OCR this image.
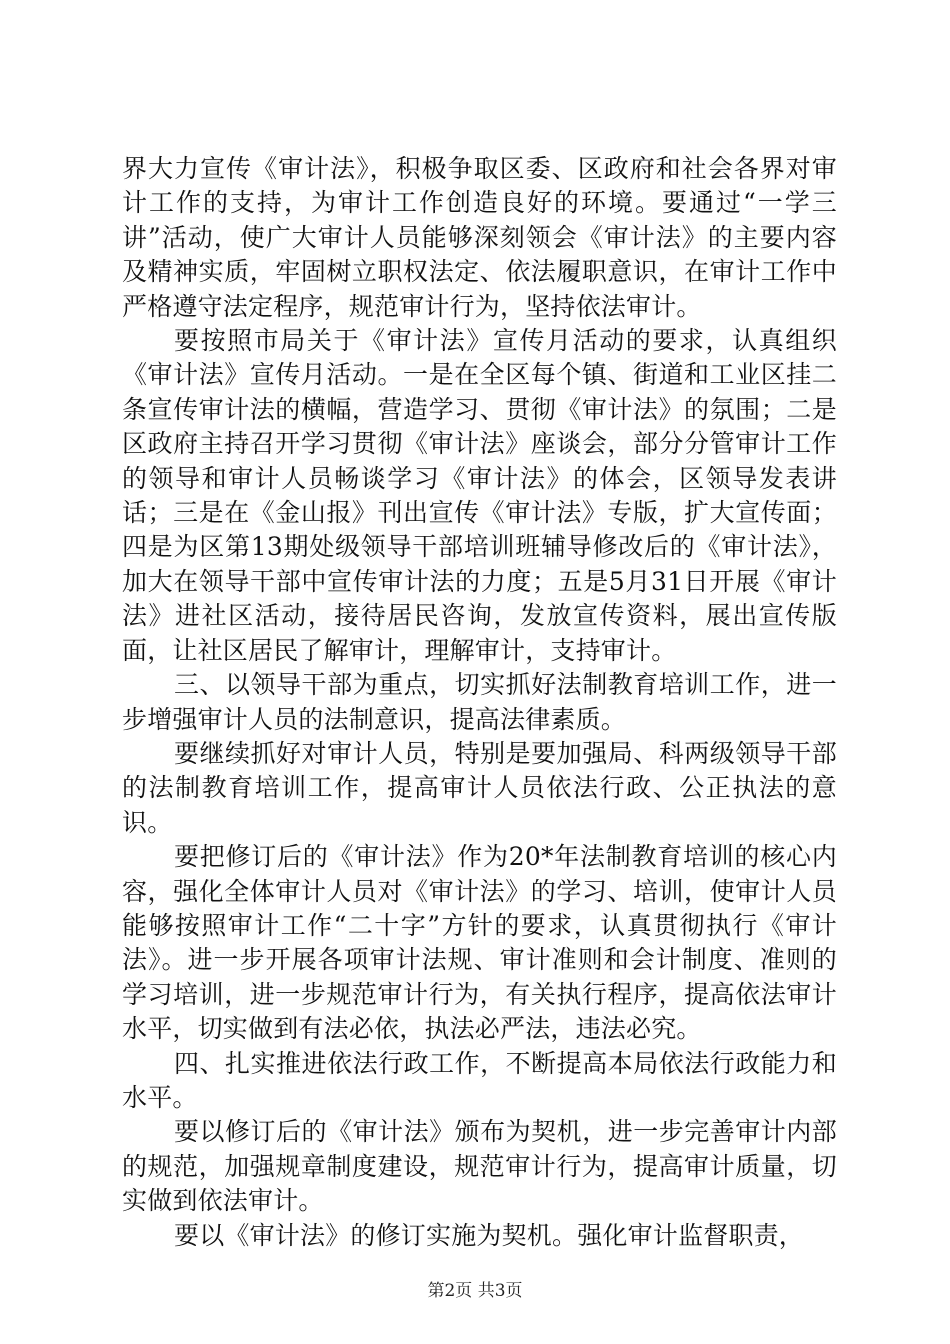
界大力宣传《审计法》，积极争取区委、区政府和社会各界对审计工作的支持，为审计工作创造良好的环境。要通过“一学三讲”活动，使广大审计人员能够深刻领会《审计法》的主要内容及精神实质，牢固树立职权法定、依法履职意识，在审计工作中严格遵守法定程序，规范审计行为，坚持依法审计。

要按照市局关于《审计法》宣传月活动的要求，认真组织《审计法》宣传月活动。一是在全区每个镇、街道和工业区挂二条宣传审计法的横幅，营造学习、贯彻《审计法》的氛围；二是区政府主持召开学习贯彻《审计法》座谈会，部分分管审计工作的领导和审计人员畅谈学习《审计法》的体会，区领导发表讲话；三是在《金山报》刊出宣传《审计法》专版，扩大宣传面；四是为区第13期处级领导干部培训班辅导修改后的《审计法》，加大在领导干部中宣传审计法的力度；五是5月31日开展《审计法》进社区活动，接待居民咨询，发放宣传资料，展出宣传版面，让社区居民了解审计，理解审计，支持审计。

三、以领导干部为重点，切实抓好法制教育培训工作，进一步增强审计人员的法制意识，提高法律素质。

要继续抓好对审计人员，特别是要加强局、科两级领导干部的法制教育培训工作，提高审计人员依法行政、公正执法的意识。

要把修订后的《审计法》作为20*年法制教育培训的核心内容，强化全体审计人员对《审计法》的学习、培训，使审计人员能够按照审计工作“二十字”方针的要求，认真贯彻执行《审计法》。进一步开展各项审计法规、审计准则和会计制度、准则的学习培训，进一步规范审计行为，有关执行程序，提高依法审计水平，切实做到有法必依，执法必严法，违法必究。

四、扎实推进依法行政工作，不断提高本局依法行政能力和水平。

要以修订后的《审计法》颁布为契机，进一步完善审计内部的规范，加强规章制度建设，规范审计行为，提高审计质量，切实做到依法审计。

要以《审计法》的修订实施为契机。强化审计监督职责，

第2页 共3页
